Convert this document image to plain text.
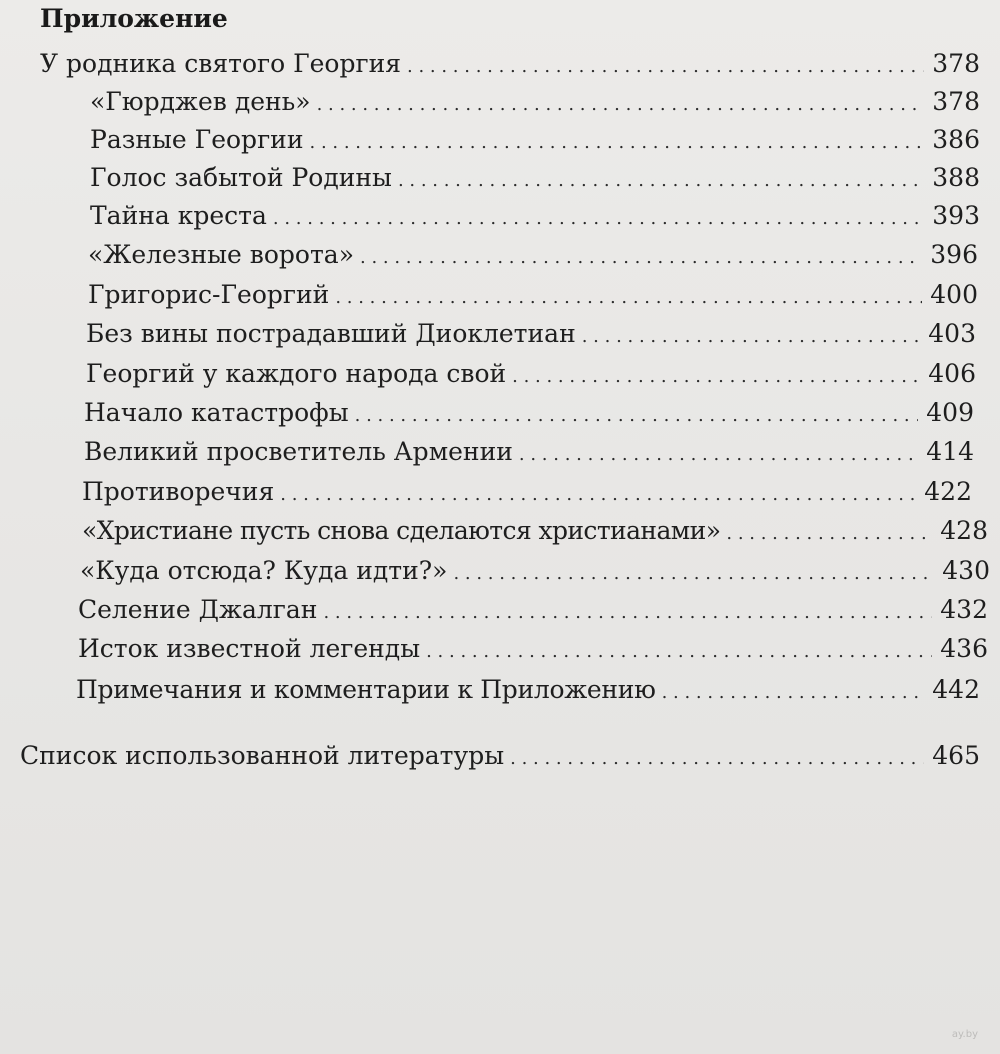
Приложение
У родника святого Георгия . . .	378
«Гюрджев день» . . .	378
Разные Георгии . . .	386
Голос забытой Родины . . .	388
Тайна креста . . .	393
«Железные ворота» . . .	396
Григорис-Георгий . . .	400
Без вины пострадавший Диоклетиан . . .	403
Георгий у каждого народа свой . . .	406
Начало катастрофы . . .	409
Великий просветитель Армении . . .	414
Противоречия . . .	422
«Христиане пусть снова сделаются христианами» . . .	428
«Куда отсюда? Куда идти?» . . .	430
Селение Джалган . . .	432
Исток известной легенды . . .	436
Примечания и комментарии к Приложению . . .	442
Список использованной литературы . . .	465
ay.by
